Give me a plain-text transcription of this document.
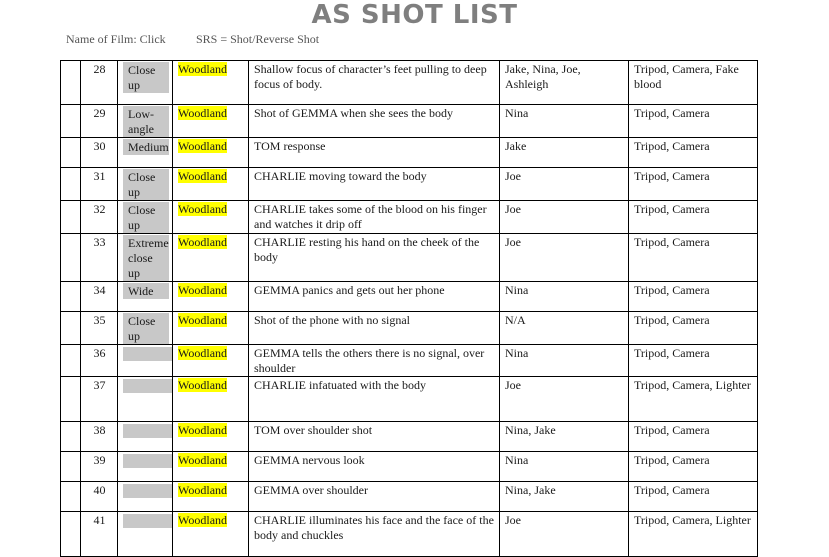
AS SHOT LIST
Name of Film: Click	SRS = Shot/Reverse Shot
	28	Close up	Woodland	Shallow focus of character’s feet pulling to deep focus of body.	Jake, Nina, Joe, Ashleigh	Tripod, Camera, Fake blood
	29	Low-angle	Woodland	Shot of GEMMA when she sees the body	Nina	Tripod, Camera
	30	Medium	Woodland	TOM response	Jake	Tripod, Camera
	31	Close up	Woodland	CHARLIE moving toward the body	Joe	Tripod, Camera
	32	Close up	Woodland	CHARLIE takes some of the blood on his finger and watches it drip off	Joe	Tripod, Camera
	33	Extreme close up	Woodland	CHARLIE resting his hand on the cheek of the body	Joe	Tripod, Camera
	34	Wide	Woodland	GEMMA panics and gets out her phone	Nina	Tripod, Camera
	35	Close up	Woodland	Shot of the phone with no signal	N/A	Tripod, Camera
	36		Woodland	GEMMA tells the others there is no signal, over shoulder	Nina	Tripod, Camera
	37		Woodland	CHARLIE infatuated with the body	Joe	Tripod, Camera, Lighter
	38		Woodland	TOM over shoulder shot	Nina, Jake	Tripod, Camera
	39		Woodland	GEMMA nervous look	Nina	Tripod, Camera
	40		Woodland	GEMMA over shoulder	Nina, Jake	Tripod, Camera
	41		Woodland	CHARLIE illuminates his face and the face of the body and chuckles	Joe	Tripod, Camera, Lighter
